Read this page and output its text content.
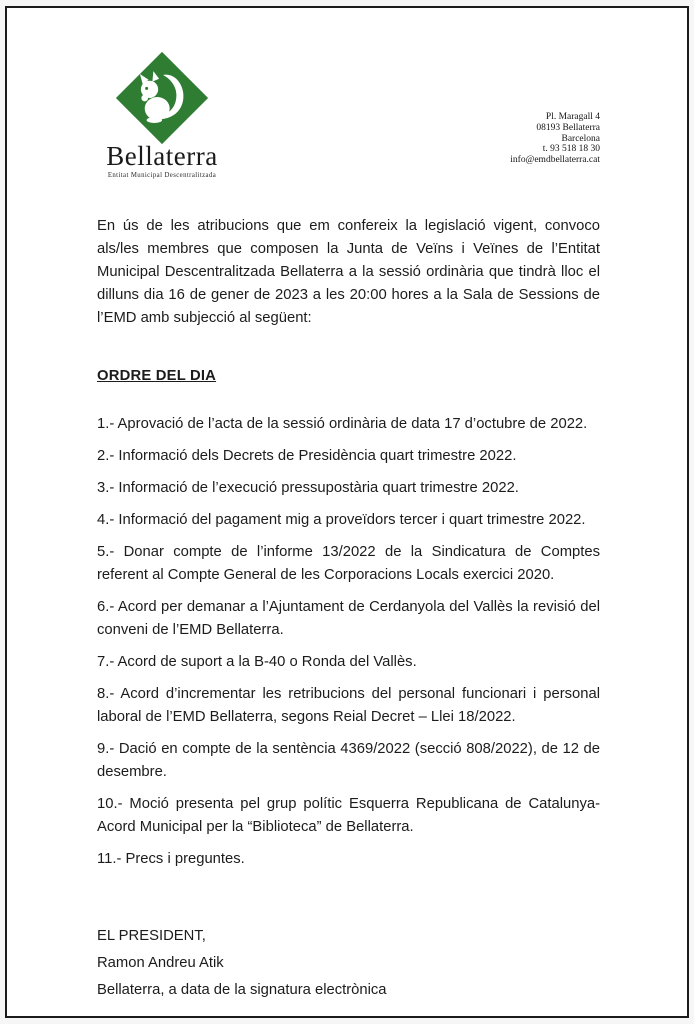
Bellaterra
Entitat Municipal Descentralitzada
Pl. Maragall 4
08193 Bellaterra
Barcelona
t. 93 518 18 30
info@emdbellaterra.cat

En ús de les atribucions que em confereix la legislació vigent, convoco als/les membres que composen la Junta de Veïns i Veïnes de l’Entitat Municipal Descentralitzada Bellaterra a la sessió ordinària que tindrà lloc el dilluns dia 16 de gener de 2023 a les 20:00 hores a la Sala de Sessions de l’EMD amb subjecció al següent:

ORDRE DEL DIA

1.- Aprovació de l’acta de la sessió ordinària de data 17 d’octubre de 2022.

2.- Informació dels Decrets de Presidència quart trimestre 2022.

3.- Informació de l’execució pressupostària quart trimestre 2022.

4.- Informació del pagament mig a proveïdors tercer i quart trimestre 2022.

5.- Donar compte de l’informe 13/2022 de la Sindicatura de Comptes referent al Compte General de les Corporacions Locals exercici 2020.

6.- Acord per demanar a l’Ajuntament de Cerdanyola del Vallès la revisió del conveni de l’EMD Bellaterra.

7.- Acord de suport a la B-40 o Ronda del Vallès.

8.- Acord d’incrementar les retribucions del personal funcionari i personal laboral de l’EMD Bellaterra, segons Reial Decret – Llei 18/2022.

9.- Dació en compte de la sentència 4369/2022 (secció 808/2022), de 12 de desembre.

10.- Moció presenta pel grup polític Esquerra Republicana de Catalunya-Acord Municipal per la “Biblioteca” de Bellaterra.

11.- Precs i preguntes.

EL PRESIDENT,

Ramon Andreu Atik

Bellaterra, a data de la signatura electrònica
